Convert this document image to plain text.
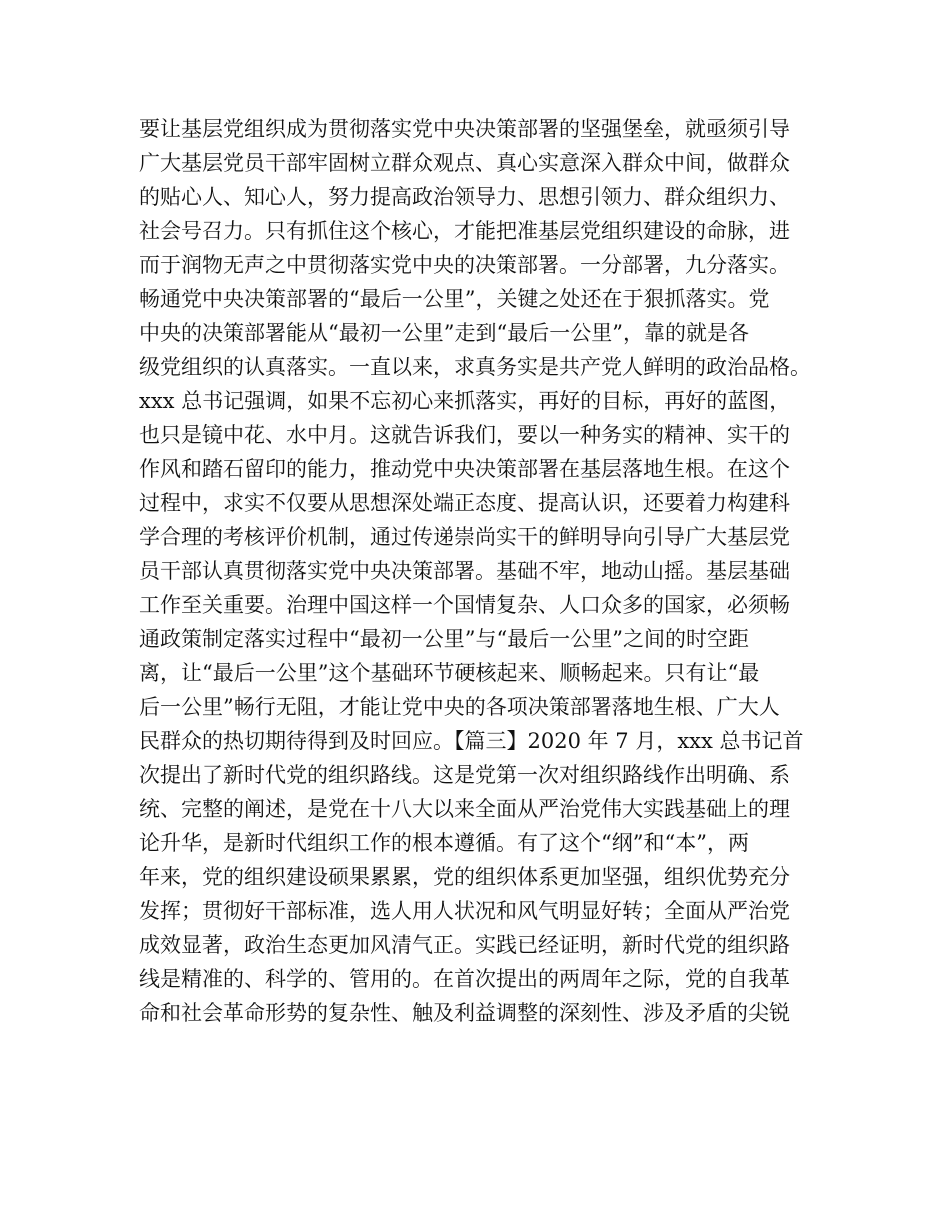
要让基层党组织成为贯彻落实党中央决策部署的坚强堡垒，就亟须引导
广大基层党员干部牢固树立群众观点、真心实意深入群众中间，做群众
的贴心人、知心人，努力提高政治领导力、思想引领力、群众组织力、
社会号召力。只有抓住这个核心，才能把准基层党组织建设的命脉，进
而于润物无声之中贯彻落实党中央的决策部署。一分部署，九分落实。
畅通党中央决策部署的“最后一公里”，关键之处还在于狠抓落实。党
中央的决策部署能从“最初一公里”走到“最后一公里”，靠的就是各
级党组织的认真落实。一直以来，求真务实是共产党人鲜明的政治品格。
xxx 总书记强调，如果不忘初心来抓落实，再好的目标，再好的蓝图，
也只是镜中花、水中月。这就告诉我们，要以一种务实的精神、实干的
作风和踏石留印的能力，推动党中央决策部署在基层落地生根。在这个
过程中，求实不仅要从思想深处端正态度、提高认识，还要着力构建科
学合理的考核评价机制，通过传递崇尚实干的鲜明导向引导广大基层党
员干部认真贯彻落实党中央决策部署。基础不牢，地动山摇。基层基础
工作至关重要。治理中国这样一个国情复杂、人口众多的国家，必须畅
通政策制定落实过程中“最初一公里”与“最后一公里”之间的时空距
离，让“最后一公里”这个基础环节硬核起来、顺畅起来。只有让“最
后一公里”畅行无阻，才能让党中央的各项决策部署落地生根、广大人
民群众的热切期待得到及时回应。【篇三】2020 年 7 月，xxx 总书记首
次提出了新时代党的组织路线。这是党第一次对组织路线作出明确、系
统、完整的阐述，是党在十八大以来全面从严治党伟大实践基础上的理
论升华，是新时代组织工作的根本遵循。有了这个“纲”和“本”，两
年来，党的组织建设硕果累累，党的组织体系更加坚强，组织优势充分
发挥；贯彻好干部标准，选人用人状况和风气明显好转；全面从严治党
成效显著，政治生态更加风清气正。实践已经证明，新时代党的组织路
线是精准的、科学的、管用的。在首次提出的两周年之际，党的自我革
命和社会革命形势的复杂性、触及利益调整的深刻性、涉及矛盾的尖锐
